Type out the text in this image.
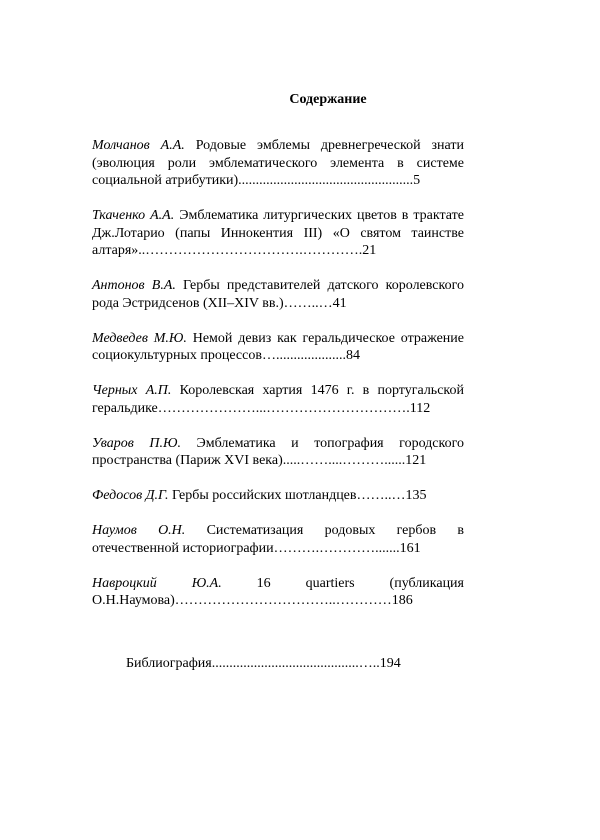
Содержание

Молчанов А.А. Родовые эмблемы древнегреческой знати (эволюция роли эмблематического элемента в системе социальной атрибутики)..................................................5

Ткаченко А.А. Эмблематика литургических цветов в трактате Дж.Лотарио (папы Иннокентия III) «О святом таинстве алтаря»..…………………………….………….21

Антонов В.А. Гербы представителей датского королевского рода Эстридсенов (XII–XIV вв.)……..…41

Медведев М.Ю. Немой девиз как геральдическое отражение социокультурных процессов…....................84

Черных А.П. Королевская хартия 1476 г. в португальской геральдике…………………...………………………….112

Уваров П.Ю. Эмблематика и топография городского пространства (Париж XVI века).....……....………......121

Федосов Д.Г. Гербы российских шотландцев……..…135

Наумов О.Н. Систематизация родовых гербов в отечественной историографии……….………….......161

Навроцкий Ю.А. 16 quartiers (публикация О.Н.Наумова)……………………………..…………186

Библиография..........................................…..194
